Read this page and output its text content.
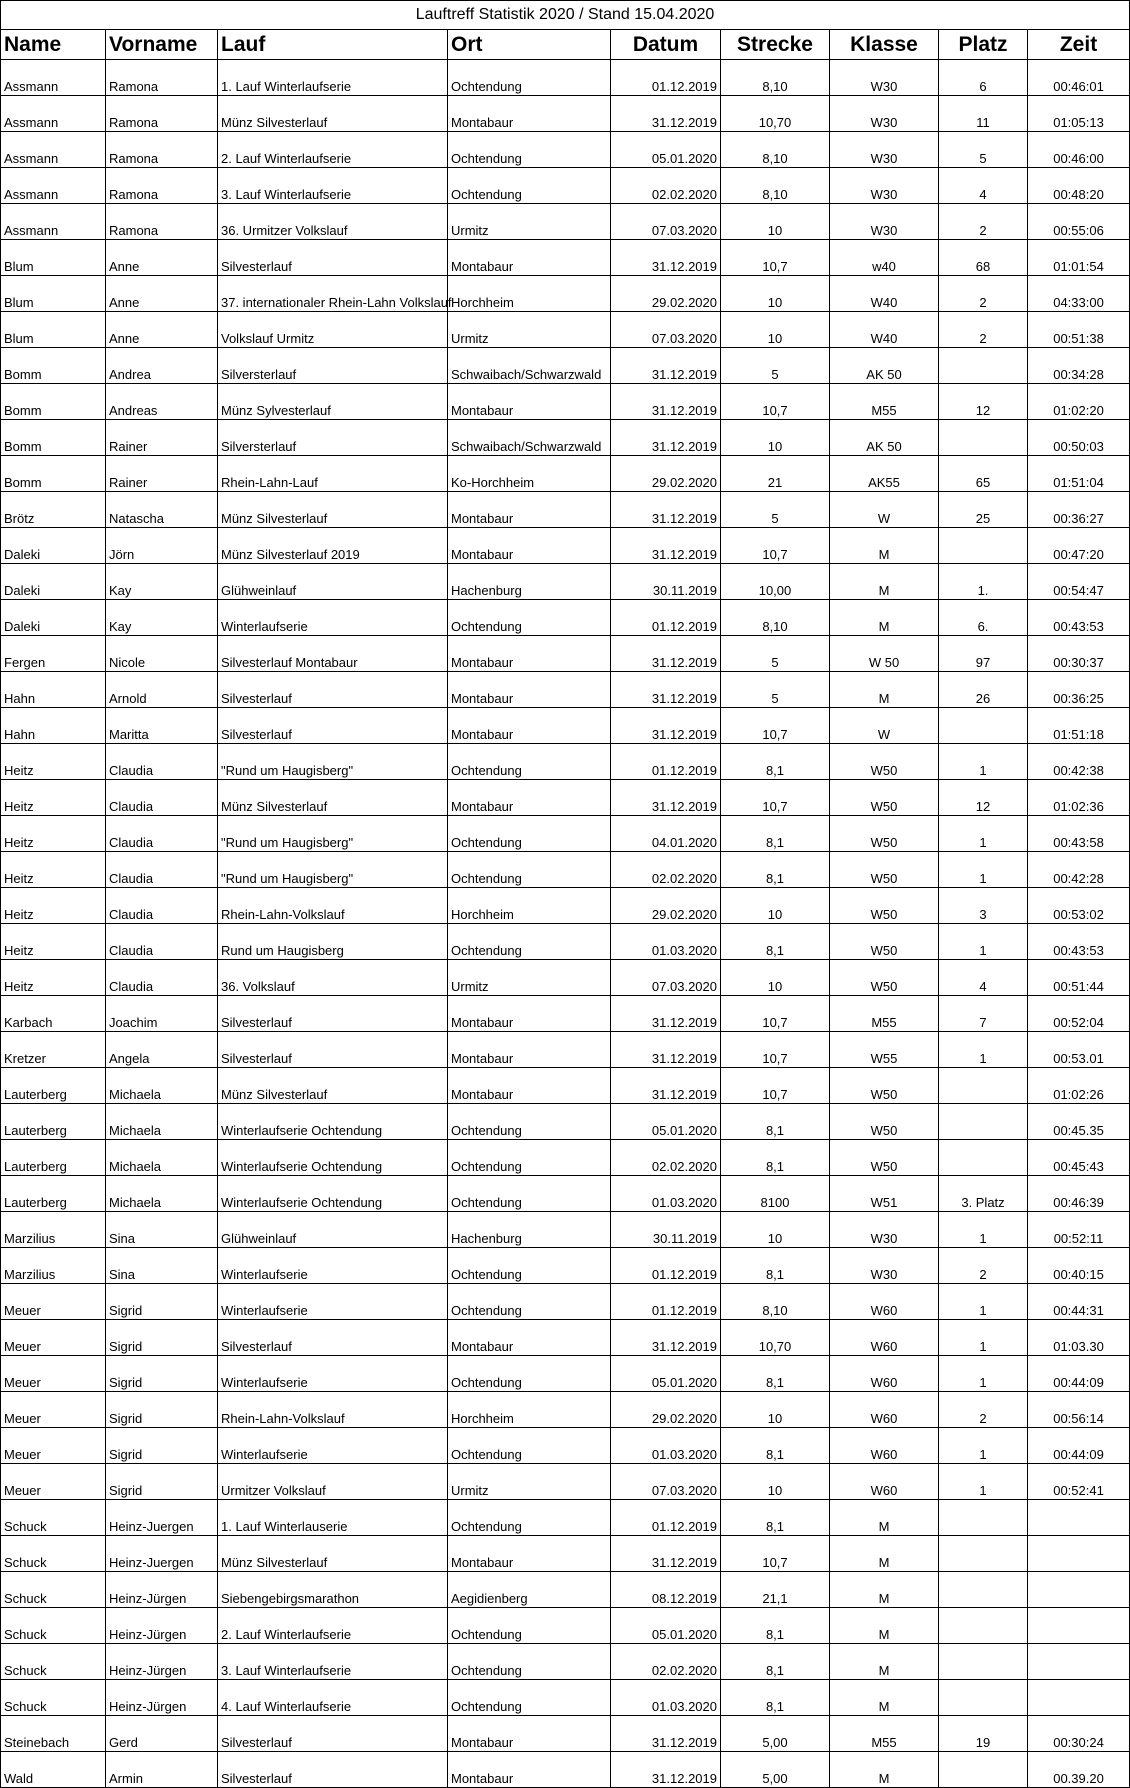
Lauftreff Statistik 2020 / Stand 15.04.2020								
Name	Vorname	Lauf	Ort	Datum	Strecke	Klasse	Platz	Zeit
Assmann	Ramona	1. Lauf Winterlaufserie	Ochtendung	01.12.2019	8,10	W30	6	00:46:01
Assmann	Ramona	Münz Silvesterlauf	Montabaur	31.12.2019	10,70	W30	11	01:05:13
Assmann	Ramona	2. Lauf Winterlaufserie	Ochtendung	05.01.2020	8,10	W30	5	00:46:00
Assmann	Ramona	3. Lauf Winterlaufserie	Ochtendung	02.02.2020	8,10	W30	4	00:48:20
Assmann	Ramona	36. Urmitzer Volkslauf	Urmitz	07.03.2020	10	W30	2	00:55:06
Blum	Anne	Silvesterlauf	Montabaur	31.12.2019	10,7	w40	68	01:01:54
Blum	Anne	37. internationaler Rhein-Lahn Volkslauf	Horchheim	29.02.2020	10	W40	2	04:33:00
Blum	Anne	Volkslauf Urmitz	Urmitz	07.03.2020	10	W40	2	00:51:38
Bomm	Andrea	Silversterlauf	Schwaibach/Schwarzwald	31.12.2019	5	AK 50		00:34:28
Bomm	Andreas	Münz Sylvesterlauf	Montabaur	31.12.2019	10,7	M55	12	01:02:20
Bomm	Rainer	Silversterlauf	Schwaibach/Schwarzwald	31.12.2019	10	AK 50		00:50:03
Bomm	Rainer	Rhein-Lahn-Lauf	Ko-Horchheim	29.02.2020	21	AK55	65	01:51:04
Brötz	Natascha	Münz Silvesterlauf	Montabaur	31.12.2019	5	W	25	00:36:27
Daleki	Jörn	Münz Silvesterlauf 2019	Montabaur	31.12.2019	10,7	M		00:47:20
Daleki	Kay	Glühweinlauf	Hachenburg	30.11.2019	10,00	M	1.	00:54:47
Daleki	Kay	Winterlaufserie	Ochtendung	01.12.2019	8,10	M	6.	00:43:53
Fergen	Nicole	Silvesterlauf Montabaur	Montabaur	31.12.2019	5	W 50	97	00:30:37
Hahn	Arnold	Silvesterlauf	Montabaur	31.12.2019	5	M	26	00:36:25
Hahn	Maritta	Silvesterlauf	Montabaur	31.12.2019	10,7	W		01:51:18
Heitz	Claudia	"Rund um Haugisberg"	Ochtendung	01.12.2019	8,1	W50	1	00:42:38
Heitz	Claudia	Münz Silvesterlauf	Montabaur	31.12.2019	10,7	W50	12	01:02:36
Heitz	Claudia	"Rund um Haugisberg"	Ochtendung	04.01.2020	8,1	W50	1	00:43:58
Heitz	Claudia	"Rund um Haugisberg"	Ochtendung	02.02.2020	8,1	W50	1	00:42:28
Heitz	Claudia	Rhein-Lahn-Volkslauf	Horchheim	29.02.2020	10	W50	3	00:53:02
Heitz	Claudia	Rund um Haugisberg	Ochtendung	01.03.2020	8,1	W50	1	00:43:53
Heitz	Claudia	36. Volkslauf	Urmitz	07.03.2020	10	W50	4	00:51:44
Karbach	Joachim	Silvesterlauf	Montabaur	31.12.2019	10,7	M55	7	00:52:04
Kretzer	Angela	Silvesterlauf	Montabaur	31.12.2019	10,7	W55	1	00:53.01
Lauterberg	Michaela	Münz Silvesterlauf	Montabaur	31.12.2019	10,7	W50		01:02:26
Lauterberg	Michaela	Winterlaufserie Ochtendung	Ochtendung	05.01.2020	8,1	W50		00:45.35
Lauterberg	Michaela	Winterlaufserie Ochtendung	Ochtendung	02.02.2020	8,1	W50		00:45:43
Lauterberg	Michaela	Winterlaufserie Ochtendung	Ochtendung	01.03.2020	8100	W51	3. Platz	00:46:39
Marzilius	Sina	Glühweinlauf	Hachenburg	30.11.2019	10	W30	1	00:52:11
Marzilius	Sina	Winterlaufserie	Ochtendung	01.12.2019	8,1	W30	2	00:40:15
Meuer	Sigrid	Winterlaufserie	Ochtendung	01.12.2019	8,10	W60	1	00:44:31
Meuer	Sigrid	Silvesterlauf	Montabaur	31.12.2019	10,70	W60	1	01:03.30
Meuer	Sigrid	Winterlaufserie	Ochtendung	05.01.2020	8,1	W60	1	00:44:09
Meuer	Sigrid	Rhein-Lahn-Volkslauf	Horchheim	29.02.2020	10	W60	2	00:56:14
Meuer	Sigrid	Winterlaufserie	Ochtendung	01.03.2020	8,1	W60	1	00:44:09
Meuer	Sigrid	Urmitzer Volkslauf	Urmitz	07.03.2020	10	W60	1	00:52:41
Schuck	Heinz-Juergen	1. Lauf Winterlauserie	Ochtendung	01.12.2019	8,1	M		
Schuck	Heinz-Juergen	Münz Silvesterlauf	Montabaur	31.12.2019	10,7	M		
Schuck	Heinz-Jürgen	Siebengebirgsmarathon	Aegidienberg	08.12.2019	21,1	M		
Schuck	Heinz-Jürgen	2. Lauf Winterlaufserie	Ochtendung	05.01.2020	8,1	M		
Schuck	Heinz-Jürgen	3. Lauf Winterlaufserie	Ochtendung	02.02.2020	8,1	M		
Schuck	Heinz-Jürgen	4. Lauf Winterlaufserie	Ochtendung	01.03.2020	8,1	M		
Steinebach	Gerd	Silvesterlauf	Montabaur	31.12.2019	5,00	M55	19	00:30:24
Wald	Armin	Silvesterlauf	Montabaur	31.12.2019	5,00	M		00.39.20
